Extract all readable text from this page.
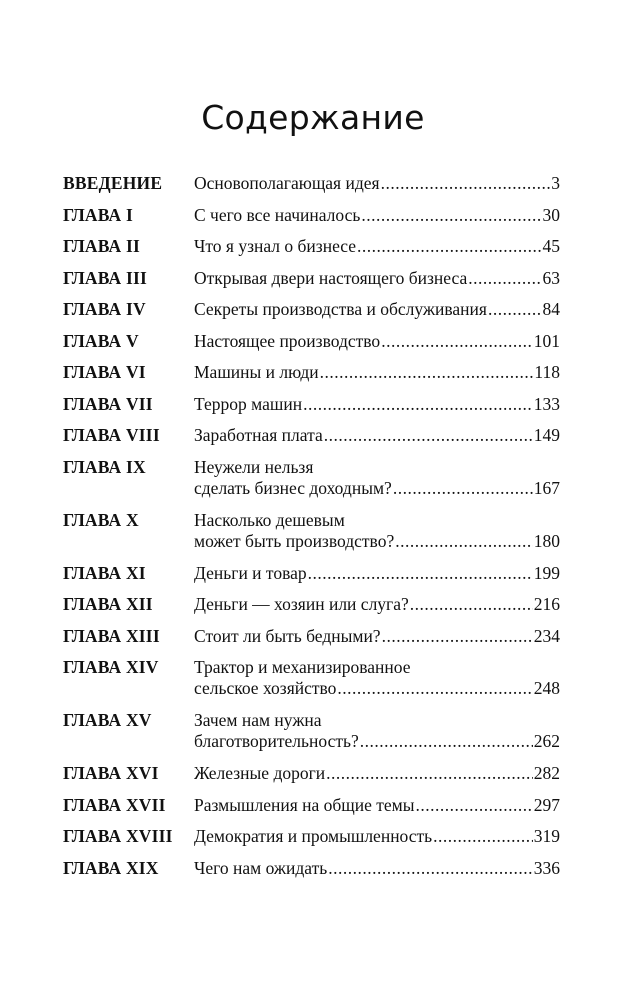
Содержание
ВВЕДЕНИЕ Основополагающая идея .....	3
ГЛАВА I	С чего все начиналось .....	30
ГЛАВА II	Что я узнал о бизнесе .....	45
ГЛАВА III	Открывая двери настоящего бизнеса .....	63
ГЛАВА IV	Секреты производства и обслуживания .....	84
ГЛАВА V	Настоящее производство .....	101
ГЛАВА VI	Машины и люди .....	118
ГЛАВА VII Террор машин .....	133
ГЛАВА VIII Заработная плата .....	149
ГЛАВА IX	Неужели нельзя
сделать бизнес доходным? .....	167
ГЛАВА X	Насколько дешевым
может быть производство? .....	180
ГЛАВА XI	Деньги и товар .....	199
ГЛАВА XII Деньги — хозяин или слуга? .....	216
ГЛАВА XIII Стоит ли быть бедными? .....	234
ГЛАВА XIV Трактор и механизированное
сельское хозяйство .....	248
ГЛАВА XV Зачем нам нужна
благотворительность? .....	262
ГЛАВА XVI Железные дороги .....	282
ГЛАВА XVII Размышления на общие темы .....	297
ГЛАВА XVIII Демократия и промышленность .....	319
ГЛАВА XIX Чего нам ожидать .....	336
